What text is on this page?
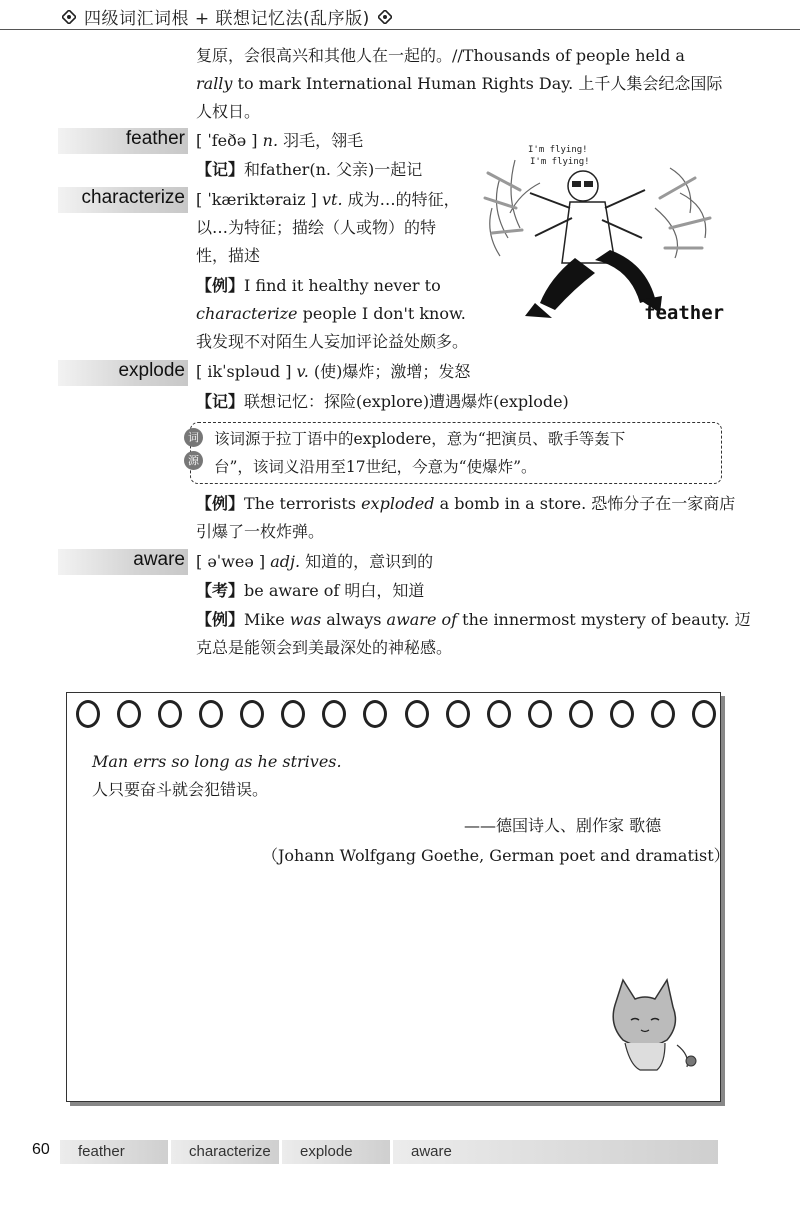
四级词汇词根 + 联想记忆法(乱序版)
复原，会很高兴和其他人在一起的。//Thousands of people held a
rally to mark International Human Rights Day. 上千人集会纪念国际
人权日。
feather [ ˈfeðə ] n. 羽毛，翎毛
【记】和father(n. 父亲)一起记
characterize [ ˈkæriktəraiz ] vt. 成为…的特征，
以…为特征；描绘（人或物）的特
性，描述
【例】I find it healthy never to
characterize people I don't know.
我发现不对陌生人妄加评论益处颇多。
I'm flying!
I'm flying!
feather
explode [ ikˈspləud ] v. (使)爆炸；激增；发怒
【记】联想记忆：探险(explore)遭遇爆炸(explode)
词
源
该词源于拉丁语中的explodere，意为“把演员、歌手等轰下
台”，该词义沿用至17世纪，今意为“使爆炸”。
【例】The terrorists exploded a bomb in a store. 恐怖分子在一家商店
引爆了一枚炸弹。
aware [ əˈweə ] adj. 知道的，意识到的
【考】be aware of 明白，知道
【例】Mike was always aware of the innermost mystery of beauty. 迈
克总是能领会到美最深处的神秘感。
Man errs so long as he strives.
人只要奋斗就会犯错误。
——德国诗人、剧作家 歌德
（Johann Wolfgang Goethe, German poet and dramatist）
60	feather	characterize	explode	aware
